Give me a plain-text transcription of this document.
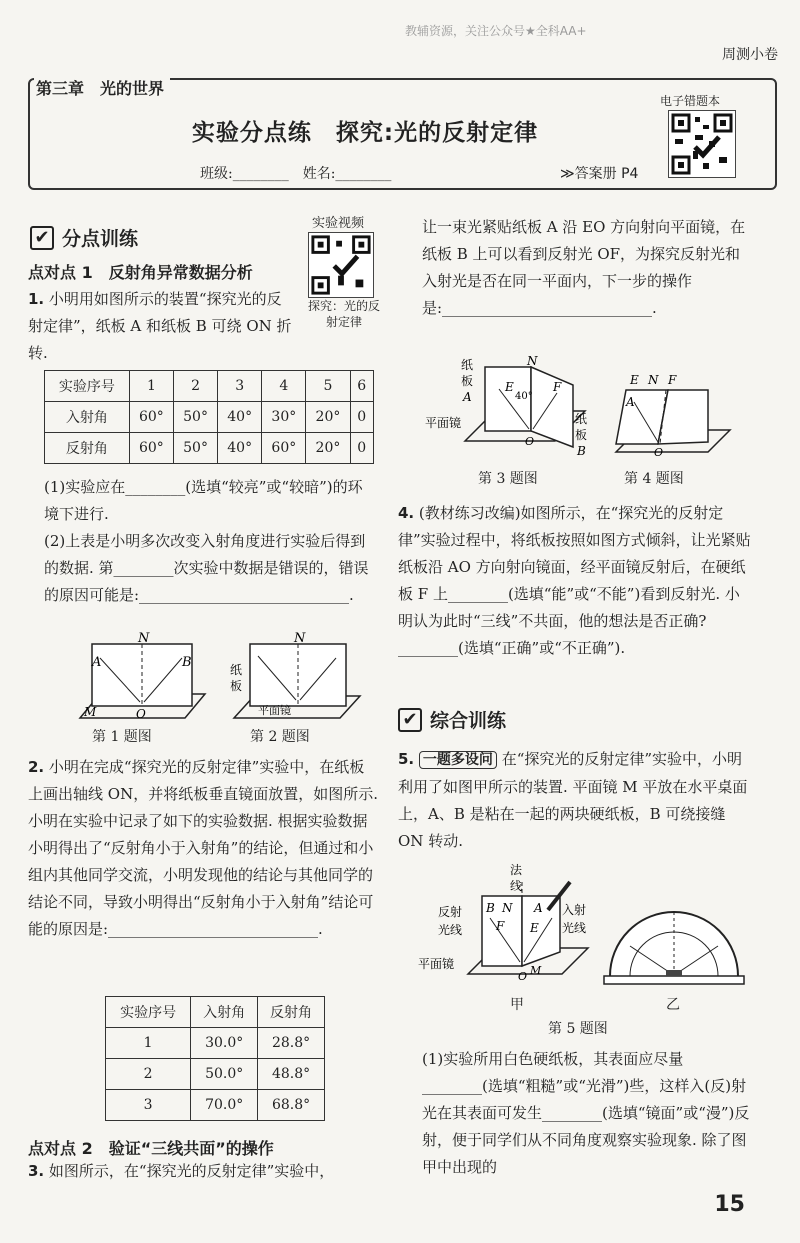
教辅资源，关注公众号★全科AA+
周测小卷
第三章　光的世界
实验分点练　探究:光的反射定律
班级:________　姓名:________	≫答案册 P4
电子错题本
✔ 分点训练
实验视频
探究：光的反射定律
点对点 1　反射角异常数据分析
1. 小明用如图所示的装置“探究光的反射定律”，纸板 A 和纸板 B 可绕 ON 折转.
实验序号	1	2	3	4	5	6
入射角	60°	50°	40°	30°	20°	0
反射角	60°	50°	40°	60°	20°	0
(1)实验应在________(选填“较亮”或“较暗”)的环境下进行.
(2)上表是小明多次改变入射角度进行实验后得到的数据. 第________次实验中数据是错误的，错误的原因可能是:____________________________.
N
A	B
O
M
第 1 题图
N
纸
板
平面镜
第 2 题图
2. 小明在完成“探究光的反射定律”实验中，在纸板上画出轴线 ON，并将纸板垂直镜面放置，如图所示. 小明在实验中记录了如下的实验数据. 根据实验数据小明得出了“反射角小于入射角”的结论，但通过和小组内其他同学交流，小明发现他的结论与其他同学的结论不同，导致小明得出“反射角小于入射角”结论可能的原因是:____________________________.
实验序号	入射角	反射角
1	30.0°	28.8°
2	50.0°	48.8°
3	70.0°	68.8°
点对点 2　验证“三线共面”的操作
3. 如图所示，在“探究光的反射定律”实验中，
让一束光紧贴纸板 A 沿 EO 方向射向平面镜，在纸板 B 上可以看到反射光 OF，为探究反射光和入射光是否在同一平面内，下一步的操作是:____________________________.
N
E
40°
F
O
纸
板
A
平面镜	纸
板
B
第 3 题图
E N F
A
O
第 4 题图
4. (教材练习改编)如图所示，在“探究光的反射定律”实验过程中，将纸板按照如图方式倾斜，让光紧贴纸板沿 AO 方向射向镜面，经平面镜反射后，在硬纸板 F 上________(选填“能”或“不能”)看到反射光. 小明认为此时“三线”不共面，他的想法是否正确?________(选填“正确”或“不正确”).
✔ 综合训练
5. 一题多设问 在“探究光的反射定律”实验中，小明利用了如图甲所示的装置. 平面镜 M 平放在水平桌面上，A、B 是粘在一起的两块硬纸板，B 可绕接缝 ON 转动.
法
线
B N A
F E
O M
反射
光线
入射
光线
平面镜
甲	乙
第 5 题图
(1)实验所用白色硬纸板，其表面应尽量________(选填“粗糙”或“光滑”)些，这样入(反)射光在其表面可发生________(选填“镜面”或“漫”)反射，便于同学们从不同角度观察实验现象. 除了图甲中出现的
15
